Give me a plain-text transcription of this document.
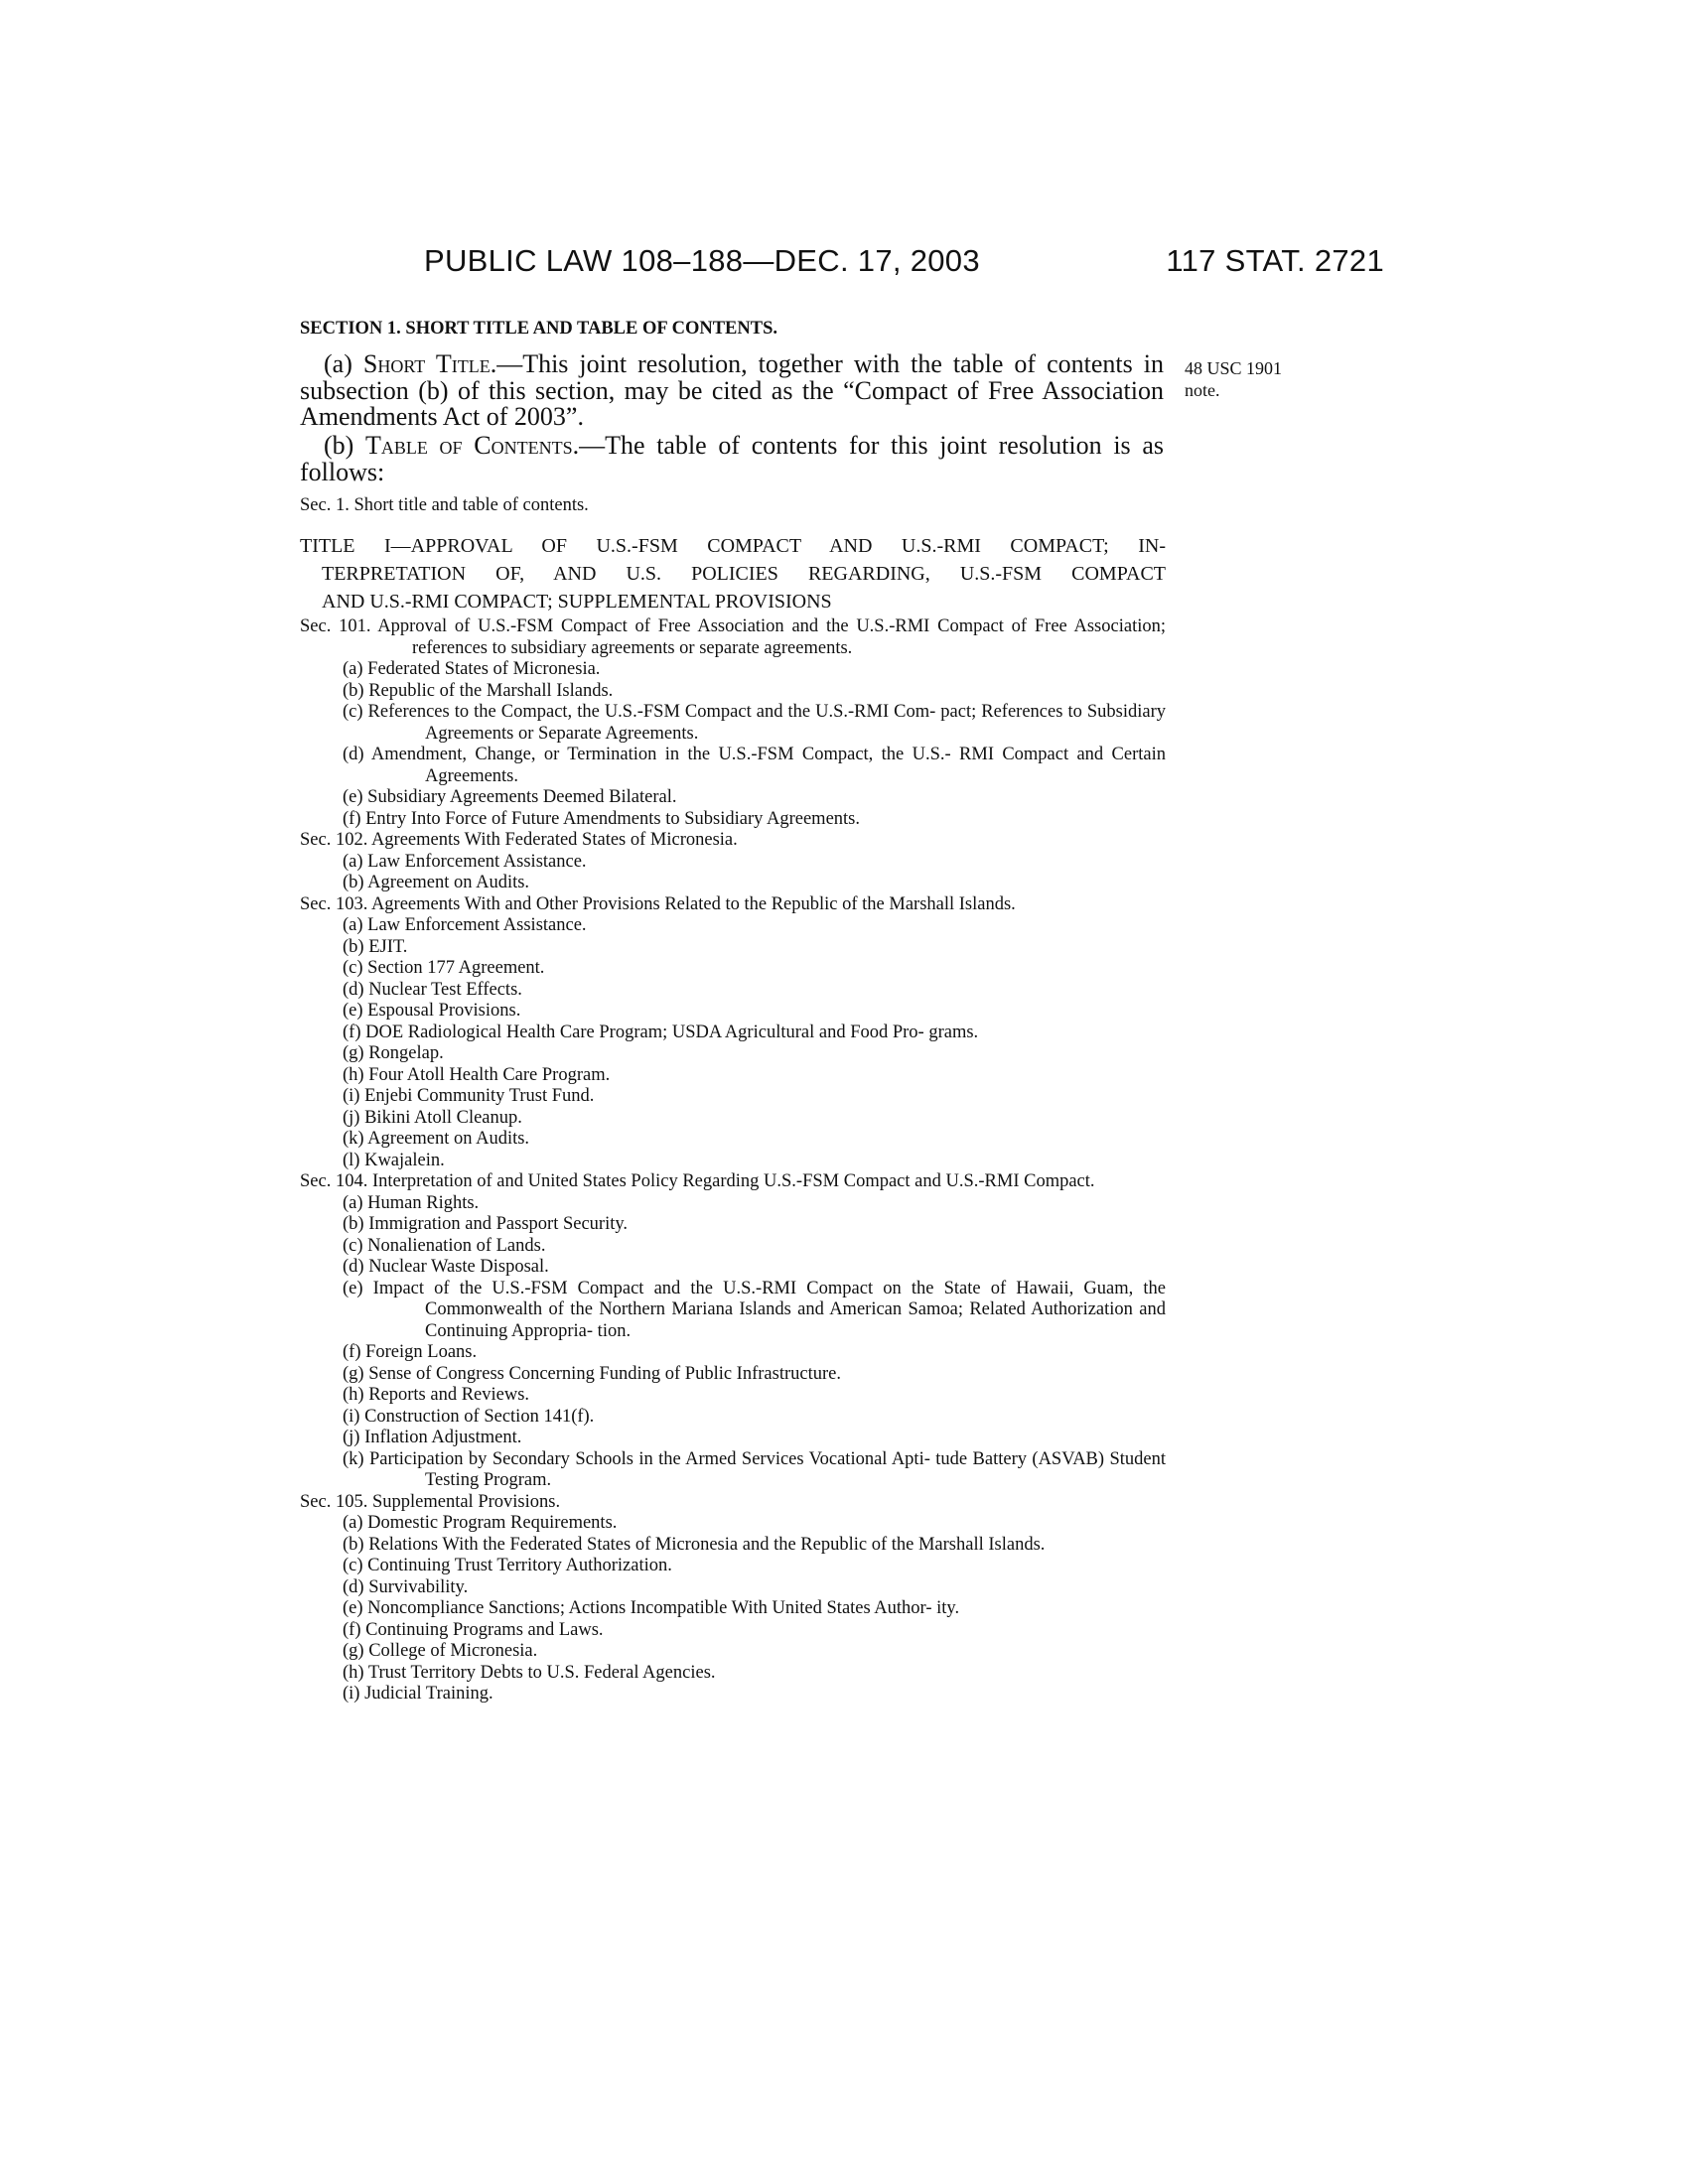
PUBLIC LAW 108–188—DEC. 17, 2003	117 STAT. 2721
SECTION 1. SHORT TITLE AND TABLE OF CONTENTS.
(a) Short Title.—This joint resolution, together with the table of contents in subsection (b) of this section, may be cited as the “Compact of Free Association Amendments Act of 2003”.
48 USC 1901
note.
(b) Table of Contents.—The table of contents for this joint resolution is as follows:
Sec. 1. Short title and table of contents.
TITLE I—APPROVAL OF U.S.-FSM COMPACT AND U.S.-RMI COMPACT; IN-
TERPRETATION OF, AND U.S. POLICIES REGARDING, U.S.-FSM COMPACT
AND U.S.-RMI COMPACT; SUPPLEMENTAL PROVISIONS
Sec. 101. Approval of U.S.-FSM Compact of Free Association and the U.S.-RMI Compact of Free Association; references to subsidiary agreements or separate agreements.
(a) Federated States of Micronesia.
(b) Republic of the Marshall Islands.
(c) References to the Compact, the U.S.-FSM Compact and the U.S.-RMI Com- pact; References to Subsidiary Agreements or Separate Agreements.
(d) Amendment, Change, or Termination in the U.S.-FSM Compact, the U.S.- RMI Compact and Certain Agreements.
(e) Subsidiary Agreements Deemed Bilateral.
(f) Entry Into Force of Future Amendments to Subsidiary Agreements.
Sec. 102. Agreements With Federated States of Micronesia.
(a) Law Enforcement Assistance.
(b) Agreement on Audits.
Sec. 103. Agreements With and Other Provisions Related to the Republic of the Marshall Islands.
(a) Law Enforcement Assistance.
(b) EJIT.
(c) Section 177 Agreement.
(d) Nuclear Test Effects.
(e) Espousal Provisions.
(f) DOE Radiological Health Care Program; USDA Agricultural and Food Pro- grams.
(g) Rongelap.
(h) Four Atoll Health Care Program.
(i) Enjebi Community Trust Fund.
(j) Bikini Atoll Cleanup.
(k) Agreement on Audits.
(l) Kwajalein.
Sec. 104. Interpretation of and United States Policy Regarding U.S.-FSM Compact and U.S.-RMI Compact.
(a) Human Rights.
(b) Immigration and Passport Security.
(c) Nonalienation of Lands.
(d) Nuclear Waste Disposal.
(e) Impact of the U.S.-FSM Compact and the U.S.-RMI Compact on the State of Hawaii, Guam, the Commonwealth of the Northern Mariana Islands and American Samoa; Related Authorization and Continuing Appropria- tion.
(f) Foreign Loans.
(g) Sense of Congress Concerning Funding of Public Infrastructure.
(h) Reports and Reviews.
(i) Construction of Section 141(f).
(j) Inflation Adjustment.
(k) Participation by Secondary Schools in the Armed Services Vocational Apti- tude Battery (ASVAB) Student Testing Program.
Sec. 105. Supplemental Provisions.
(a) Domestic Program Requirements.
(b) Relations With the Federated States of Micronesia and the Republic of the Marshall Islands.
(c) Continuing Trust Territory Authorization.
(d) Survivability.
(e) Noncompliance Sanctions; Actions Incompatible With United States Author- ity.
(f) Continuing Programs and Laws.
(g) College of Micronesia.
(h) Trust Territory Debts to U.S. Federal Agencies.
(i) Judicial Training.
